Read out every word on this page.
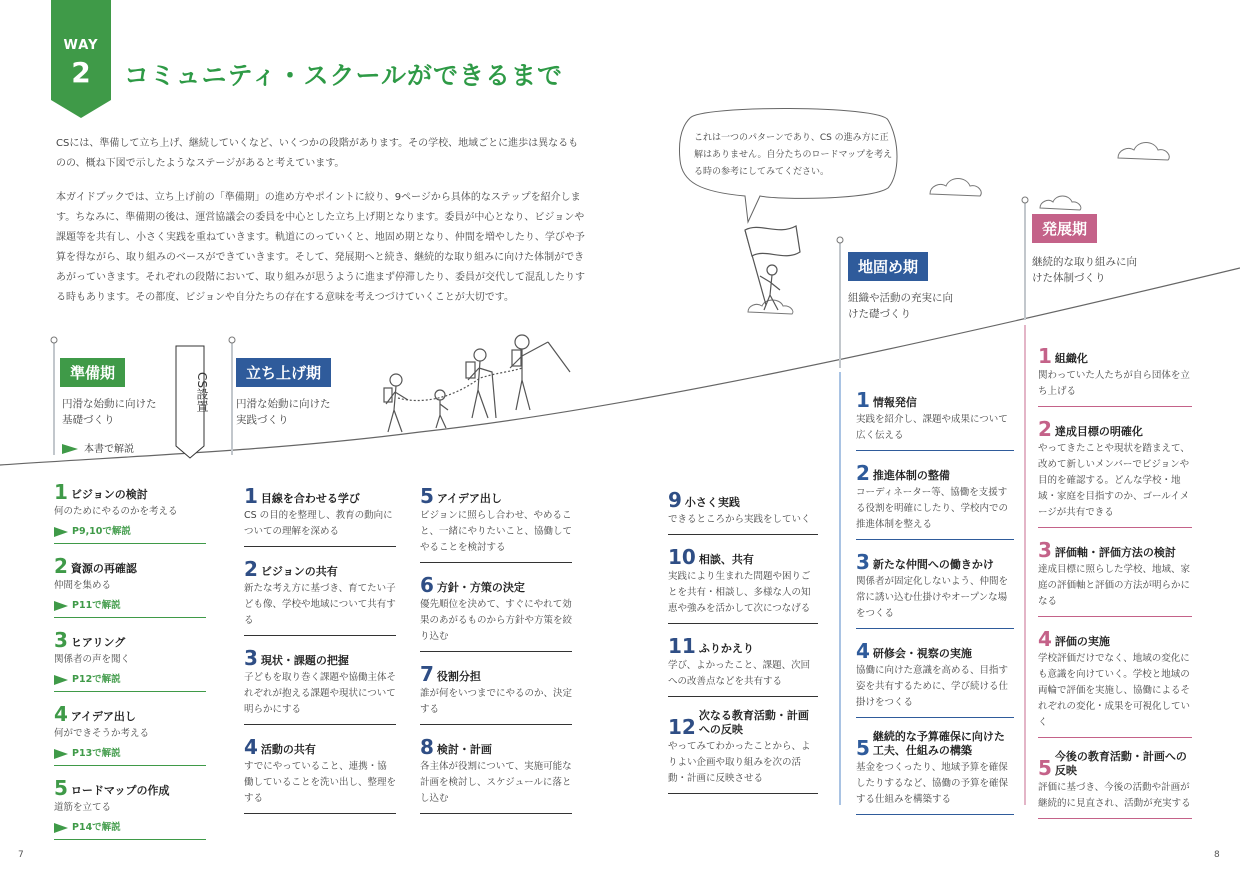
WAY
2	コミュニティ・スクールができるまで

CSには、準備して立ち上げ、継続していくなど、いくつかの段階があります。その学校、地域ごとに進歩は異なるものの、概ね下図で示したようなステージがあると考えています。

本ガイドブックでは、立ち上げ前の「準備期」の進め方やポイントに絞り、9ページから具体的なステップを紹介します。ちなみに、準備期の後は、運営協議会の委員を中心とした立ち上げ期となります。委員が中心となり、ビジョンや課題等を共有し、小さく実践を重ねていきます。軌道にのっていくと、地固め期となり、仲間を増やしたり、学びや予算を得ながら、取り組みのベースができていきます。そして、発展期へと続き、継続的な取り組みに向けた体制ができあがっていきます。それぞれの段階において、取り組みが思うように進まず停滞したり、委員が交代して混乱したりする時もあります。その都度、ビジョンや自分たちの存在する意味を考えつづけていくことが大切です。

これは一つのパターンであり、CS の進み方に正解はありません。自分たちのロードマップを考える時の参考にしてみてください。
準備期
円滑な始動に向けた基礎づくり
本書で解説
CS設置	立ち上げ期
円滑な始動に向けた実践づくり
地固め期
組織や活動の充実に向けた礎づくり
発展期
継続的な取り組みに向けた体制づくり
1 ビジョンの検討
何のためにやるのかを考える
P9,10で解説
2 資源の再確認
仲間を集める
P11で解説
3 ヒアリング
関係者の声を聞く
P12で解説
4 アイデア出し
何ができそうか考える
P13で解説
5 ロードマップの作成
道筋を立てる
P14で解説
1 目線を合わせる学び
CS の目的を整理し、教育の動向についての理解を深める
2 ビジョンの共有
新たな考え方に基づき、育てたい子ども像、学校や地域について共有する
3 現状・課題の把握
子どもを取り巻く課題や協働主体それぞれが抱える課題や現状について明らかにする
4 活動の共有
すでにやっていること、連携・協働していることを洗い出し、整理をする
5 アイデア出し
ビジョンに照らし合わせ、やめること、一緒にやりたいこと、協働してやることを検討する
6 方針・方策の決定
優先順位を決めて、すぐにやれて効果のあがるものから方針や方策を絞り込む
7 役割分担
誰が何をいつまでにやるのか、決定する
8 検討・計画
各主体が役割について、実施可能な計画を検討し、スケジュールに落とし込む
9 小さく実践
できるところから実践をしていく
10 相談、共有
実践により生まれた問題や困りごとを共有・相談し、多様な人の知恵や強みを活かして次につなげる
11 ふりかえり
学び、よかったこと、課題、次回への改善点などを共有する
12 次なる教育活動・計画への反映
やってみてわかったことから、よりよい企画や取り組みを次の活動・計画に反映させる
1 情報発信
実践を紹介し、課題や成果について広く伝える
2 推進体制の整備
コーディネーター等、協働を支援する役割を明確にしたり、学校内での推進体制を整える
3 新たな仲間への働きかけ
関係者が固定化しないよう、仲間を常に誘い込む仕掛けやオープンな場をつくる
4 研修会・視察の実施
協働に向けた意識を高める、目指す姿を共有するために、学び続ける仕掛けをつくる
5 継続的な予算確保に向けた工夫、仕組みの構築
基金をつくったり、地域予算を確保したりするなど、協働の予算を確保する仕組みを構築する
1 組織化
関わっていた人たちが自ら団体を立ち上げる
2 達成目標の明確化
やってきたことや現状を踏まえて、改めて新しいメンバーでビジョンや目的を確認する。どんな学校・地域・家庭を目指すのか、ゴールイメージが共有できる
3 評価軸・評価方法の検討
達成目標に照らした学校、地域、家庭の評価軸と評価の方法が明らかになる
4 評価の実施
学校評価だけでなく、地域の変化にも意識を向けていく。学校と地域の両輪で評価を実施し、協働によるそれぞれの変化・成果を可視化していく
5 今後の教育活動・計画への反映
評価に基づき、今後の活動や計画が継続的に見直され、活動が充実する
7	8
